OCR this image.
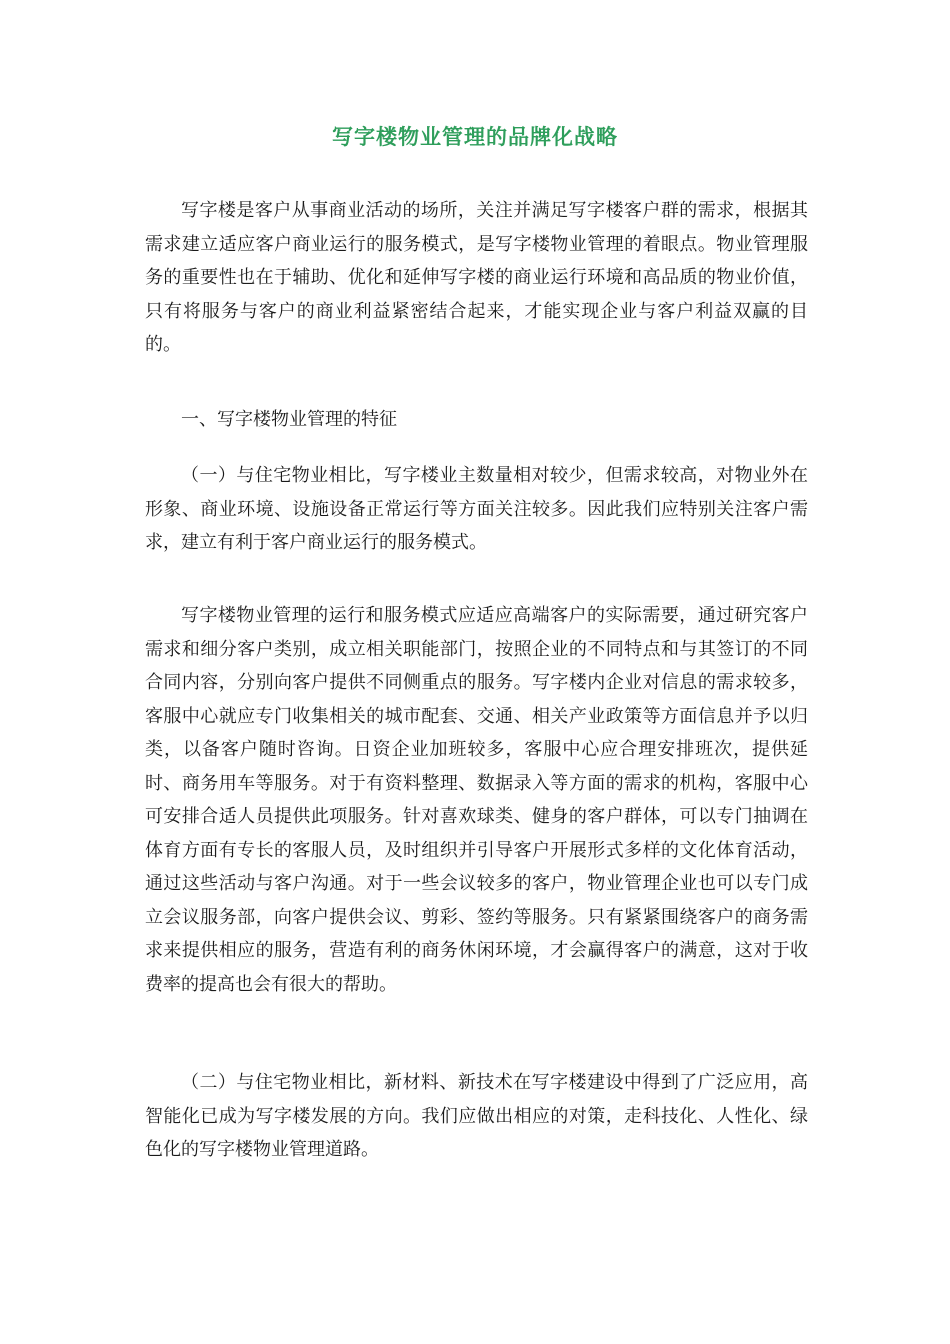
写字楼物业管理的品牌化战略

写字楼是客户从事商业活动的场所，关注并满足写字楼客户群的需求，根据其需求建立适应客户商业运行的服务模式，是写字楼物业管理的着眼点。物业管理服务的重要性也在于辅助、优化和延伸写字楼的商业运行环境和高品质的物业价值，只有将服务与客户的商业利益紧密结合起来，才能实现企业与客户利益双赢的目的。

一、写字楼物业管理的特征

（一）与住宅物业相比，写字楼业主数量相对较少，但需求较高，对物业外在形象、商业环境、设施设备正常运行等方面关注较多。因此我们应特别关注客户需求，建立有利于客户商业运行的服务模式。

写字楼物业管理的运行和服务模式应适应高端客户的实际需要，通过研究客户需求和细分客户类别，成立相关职能部门，按照企业的不同特点和与其签订的不同合同内容，分别向客户提供不同侧重点的服务。写字楼内企业对信息的需求较多，客服中心就应专门收集相关的城市配套、交通、相关产业政策等方面信息并予以归类，以备客户随时咨询。日资企业加班较多，客服中心应合理安排班次，提供延时、商务用车等服务。对于有资料整理、数据录入等方面的需求的机构，客服中心可安排合适人员提供此项服务。针对喜欢球类、健身的客户群体，可以专门抽调在体育方面有专长的客服人员，及时组织并引导客户开展形式多样的文化体育活动，通过这些活动与客户沟通。对于一些会议较多的客户，物业管理企业也可以专门成立会议服务部，向客户提供会议、剪彩、签约等服务。只有紧紧围绕客户的商务需求来提供相应的服务，营造有利的商务休闲环境，才会赢得客户的满意，这对于收费率的提高也会有很大的帮助。

（二）与住宅物业相比，新材料、新技术在写字楼建设中得到了广泛应用，高智能化已成为写字楼发展的方向。我们应做出相应的对策，走科技化、人性化、绿色化的写字楼物业管理道路。
